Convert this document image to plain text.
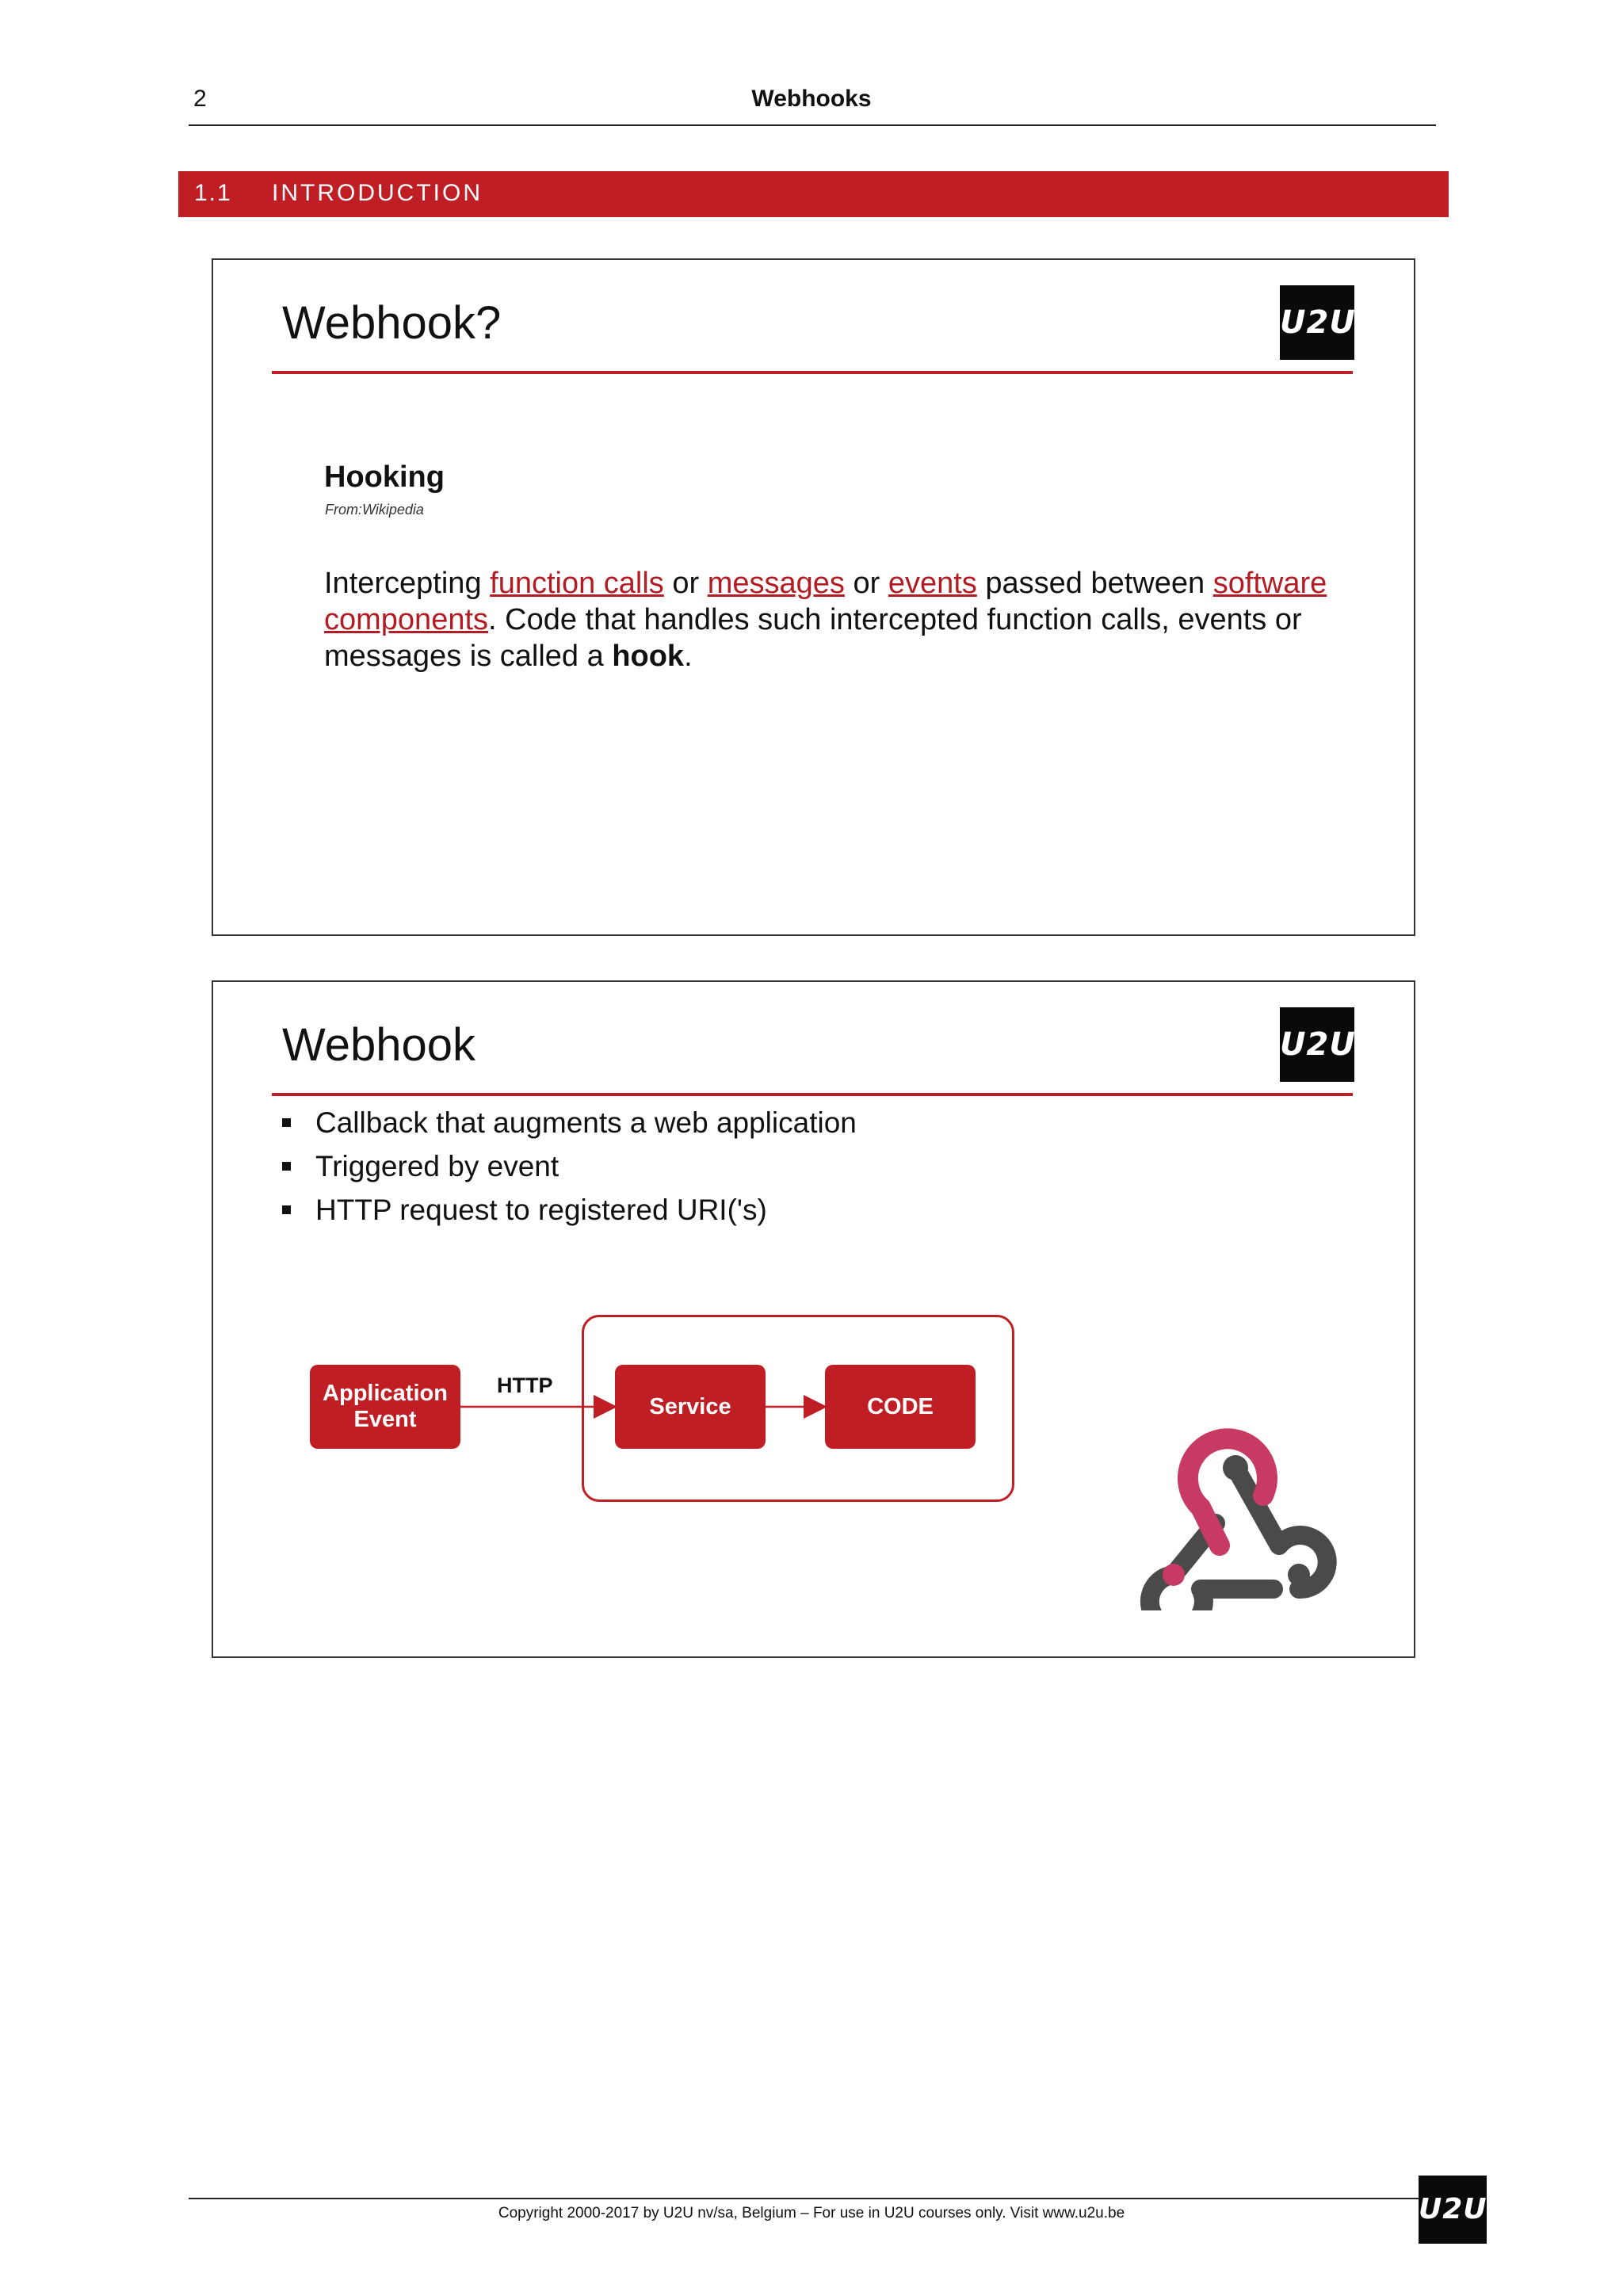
2	Webhooks
1.1 INTRODUCTION
Webhook?	U2U
Hooking
From:Wikipedia
Intercepting function calls or messages or events passed between software components. Code that handles such intercepted function calls, events or messages is called a hook.
Webhook	U2U
Callback that augments a web application
Triggered by event
HTTP request to registered URI('s)
Application Event
HTTP
Service	CODE
Copyright 2000-2017 by U2U nv/sa, Belgium – For use in U2U courses only. Visit www.u2u.be	U2U
